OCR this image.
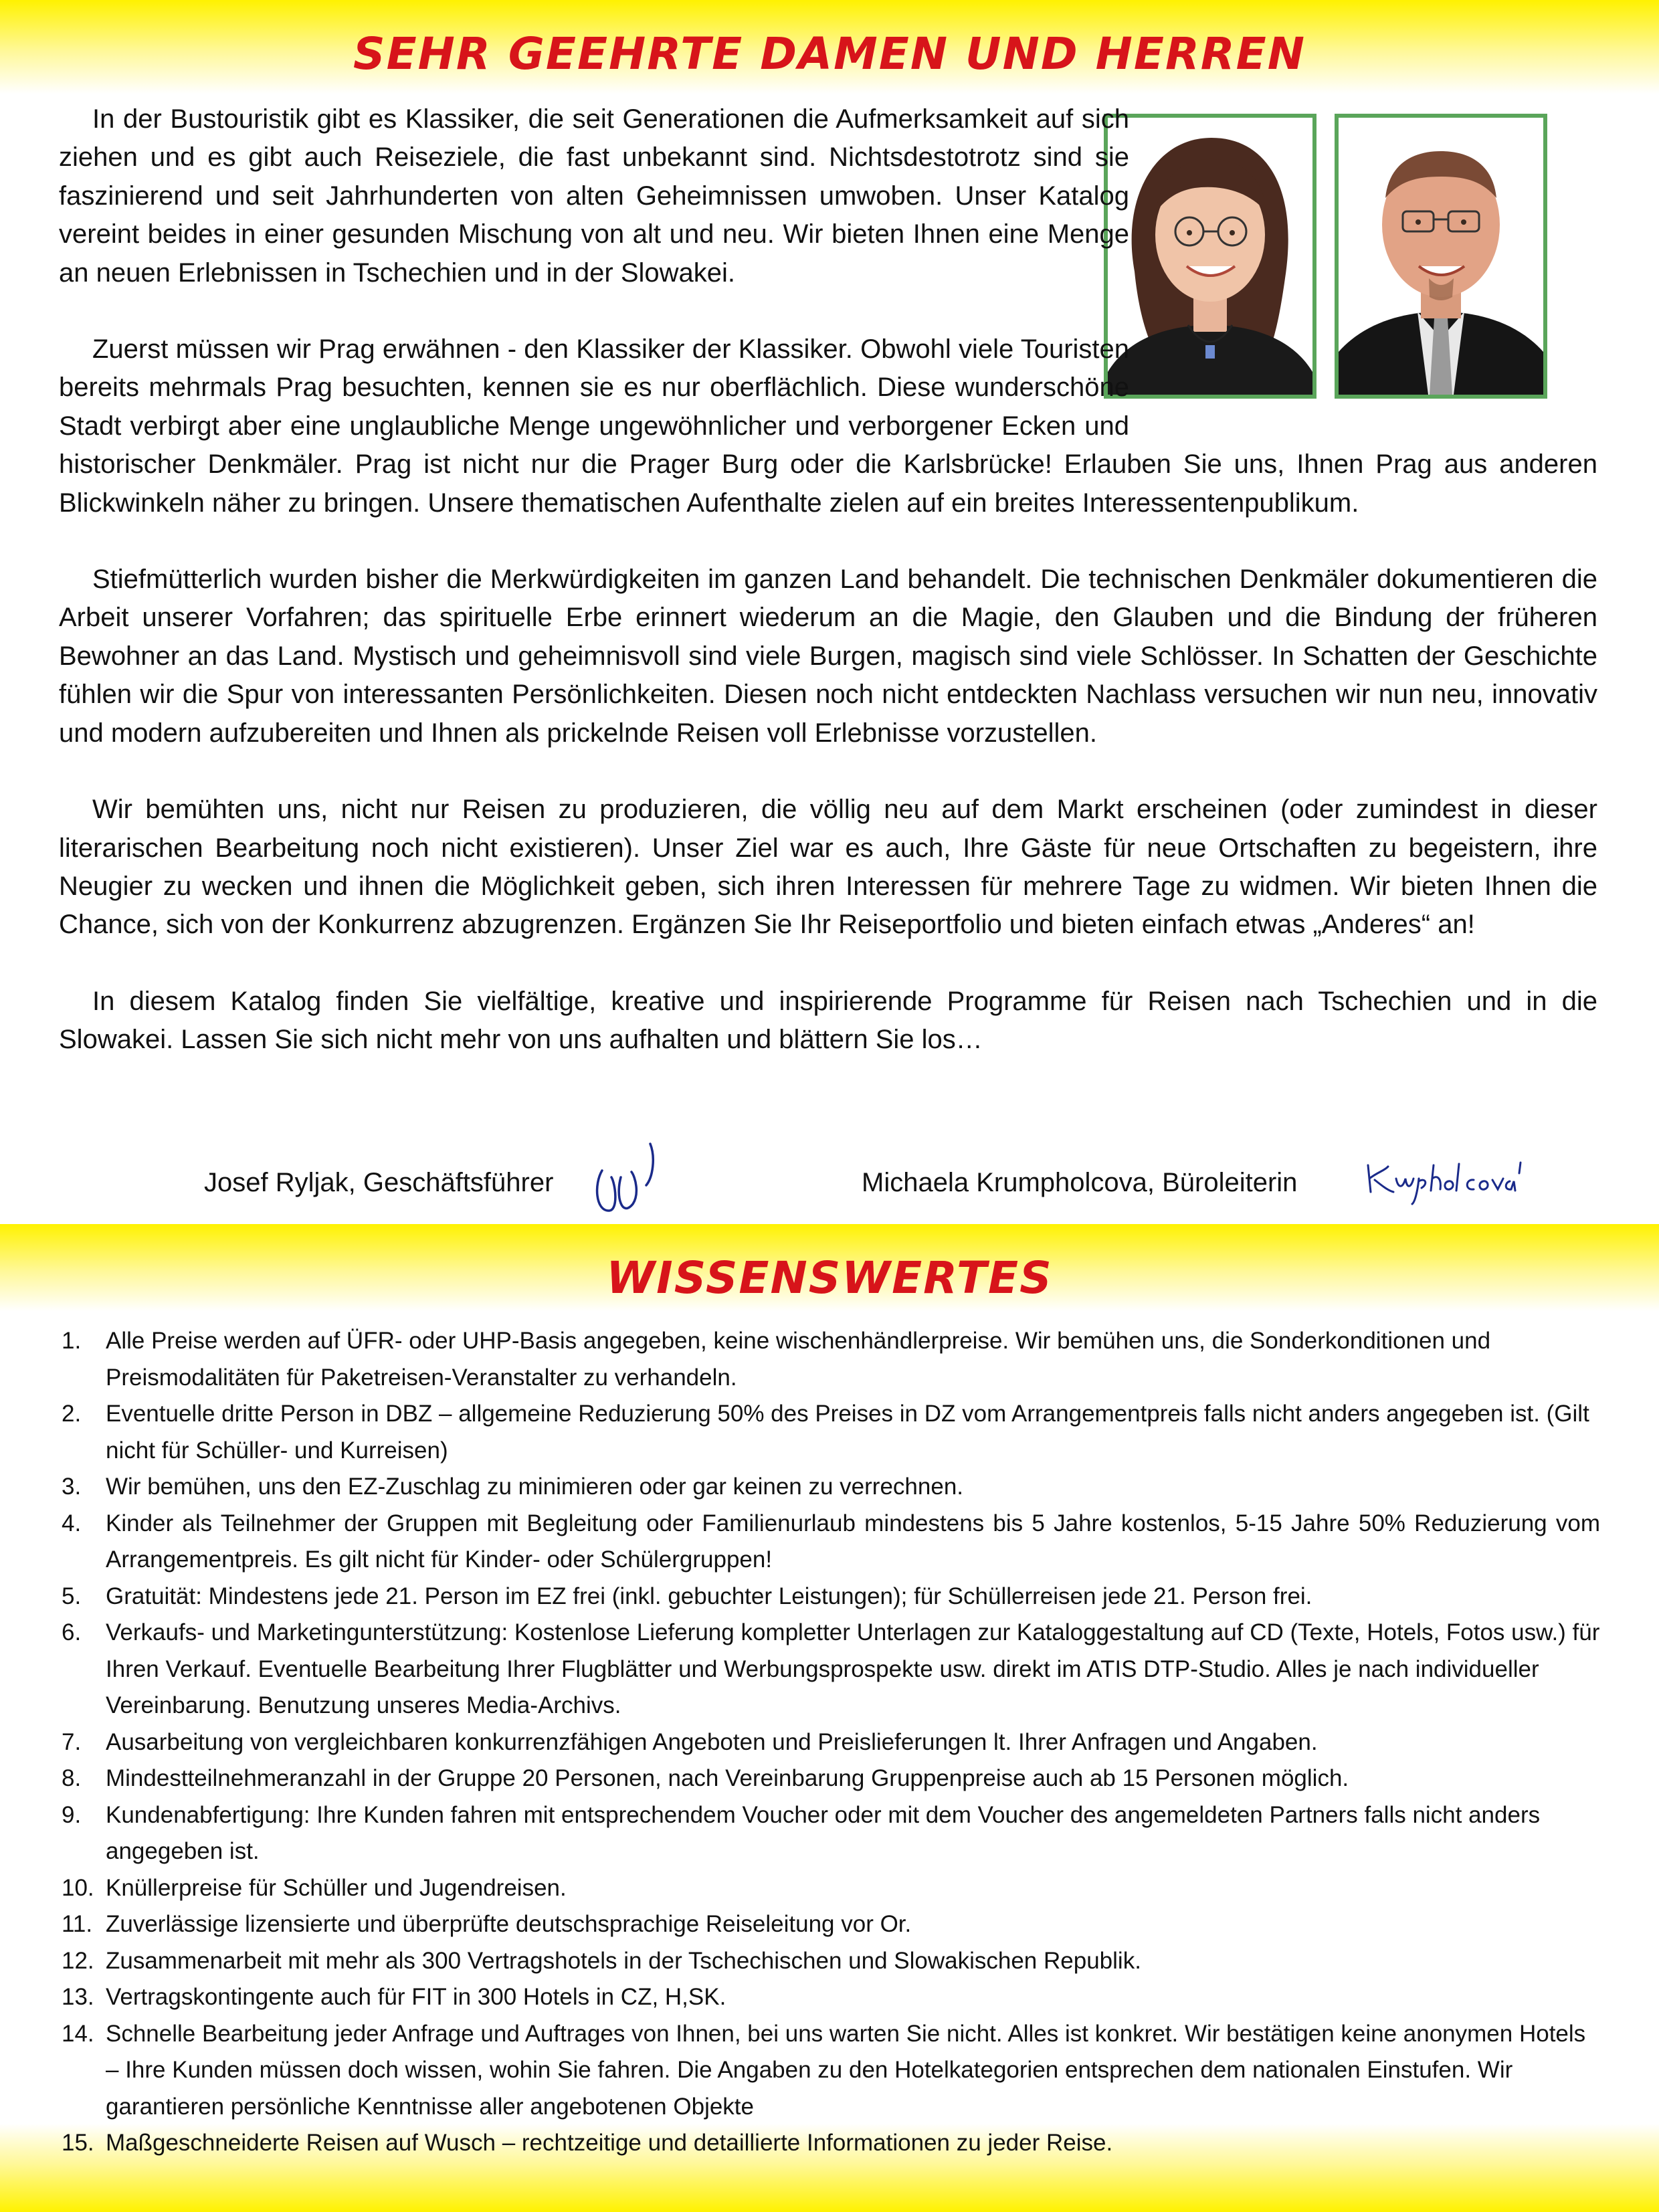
SEHR GEEHRTE DAMEN UND HERREN

In der Bustouristik gibt es Klassiker, die seit Generationen die Aufmerksamkeit auf sich ziehen und es gibt auch Reiseziele, die fast unbekannt sind. Nichtsdestotrotz sind sie faszinierend und seit Jahrhunderten von alten Geheimnissen umwoben. Unser Katalog vereint beides in einer gesunden Mischung von alt und neu. Wir bieten Ihnen eine Menge an neuen Erlebnissen in Tschechien und in der Slowakei.

Zuerst müssen wir Prag erwähnen - den Klassiker der Klassiker. Obwohl viele Touristen bereits mehrmals Prag besuchten, kennen sie es nur oberflächlich. Diese wunderschöne Stadt verbirgt aber eine unglaubliche Menge ungewöhnlicher und verborgener Ecken und historischer Denkmäler. Prag ist nicht nur die Prager Burg oder die Karlsbrücke! Erlauben Sie uns, Ihnen Prag aus anderen Blickwinkeln näher zu bringen. Unsere thematischen Aufenthalte zielen auf ein breites Interessentenpublikum.

Stiefmütterlich wurden bisher die Merkwürdigkeiten im ganzen Land behandelt. Die technischen Denkmäler dokumentieren die Arbeit unserer Vorfahren; das spirituelle Erbe erinnert wiederum an die Magie, den Glauben und die Bindung der früheren Bewohner an das Land. Mystisch und geheimnisvoll sind viele Burgen, magisch sind viele Schlösser. In Schatten der Geschichte fühlen wir die Spur von interessanten Persönlichkeiten. Diesen noch nicht entdeckten Nachlass versuchen wir nun neu, innovativ und modern aufzubereiten und Ihnen als prickelnde Reisen voll Erlebnisse vorzustellen.

Wir bemühten uns, nicht nur Reisen zu produzieren, die völlig neu auf dem Markt erscheinen (oder zumindest in dieser literarischen Bearbeitung noch nicht existieren). Unser Ziel war es auch, Ihre Gäste für neue Ortschaften zu begeistern, ihre Neugier zu wecken und ihnen die Möglichkeit geben, sich ihren Interessen für mehrere Tage zu widmen. Wir bieten Ihnen die Chance, sich von der Konkurrenz abzugrenzen. Ergänzen Sie Ihr Reiseportfolio und bieten einfach etwas „Anderes“ an!

In diesem Katalog finden Sie vielfältige, kreative und inspirierende Programme für Reisen nach Tschechien und in die Slowakei. Lassen Sie sich nicht mehr von uns aufhalten und blättern Sie los…

Josef Ryljak, Geschäftsführer	Michaela Krumpholcova, Büroleiterin
WISSENSWERTES
1. Alle Preise werden auf ÜFR- oder UHP-Basis angegeben, keine wischenhändlerpreise. Wir bemühen uns, die Sonderkonditionen und Preismodalitäten für Paketreisen-Veranstalter zu verhandeln.
2. Eventuelle dritte Person in DBZ – allgemeine Reduzierung 50% des Preises in DZ vom Arrangementpreis falls nicht anders angegeben ist. (Gilt nicht für Schüller- und Kurreisen)
3. Wir bemühen, uns den EZ-Zuschlag zu minimieren oder gar keinen zu verrechnen.
4. Kinder als Teilnehmer der Gruppen mit Begleitung oder Familienurlaub mindestens bis 5 Jahre kostenlos, 5-15 Jahre 50% Reduzierung vom Arrangementpreis. Es gilt nicht für Kinder- oder Schülergruppen!
5. Gratuität: Mindestens jede 21. Person im EZ frei (inkl. gebuchter Leistungen); für Schüllerreisen jede 21. Person frei.
6. Verkaufs- und Marketingunterstützung: Kostenlose Lieferung kompletter Unterlagen zur Kataloggestaltung auf CD (Texte, Hotels, Fotos usw.) für Ihren Verkauf. Eventuelle Bearbeitung Ihrer Flugblätter und Werbungsprospekte usw. direkt im ATIS DTP-Studio. Alles je nach individueller Vereinbarung. Benutzung unseres Media-Archivs.
7. Ausarbeitung von vergleichbaren konkurrenzfähigen Angeboten und Preislieferungen lt. Ihrer Anfragen und Angaben.
8. Mindestteilnehmeranzahl in der Gruppe 20 Personen, nach Vereinbarung Gruppenpreise auch ab 15 Personen möglich.
9. Kundenabfertigung: Ihre Kunden fahren mit entsprechendem Voucher oder mit dem Voucher des angemeldeten Partners falls nicht anders angegeben ist.
10. Knüllerpreise für Schüller und Jugendreisen.
11. Zuverlässige lizensierte und überprüfte deutschsprachige Reiseleitung vor Or.
12. Zusammenarbeit mit mehr als 300 Vertragshotels in der Tschechischen und Slowakischen Republik.
13. Vertragskontingente auch für FIT in 300 Hotels in CZ, H,SK.
14. Schnelle Bearbeitung jeder Anfrage und Auftrages von Ihnen, bei uns warten Sie nicht. Alles ist konkret. Wir bestätigen keine anonymen Hotels – Ihre Kunden müssen doch wissen, wohin Sie fahren. Die Angaben zu den Hotelkategorien entsprechen dem nationalen Einstufen. Wir garantieren persönliche Kenntnisse aller angebotenen Objekte
15. Maßgeschneiderte Reisen auf Wusch – rechtzeitige und detaillierte Informationen zu jeder Reise.
